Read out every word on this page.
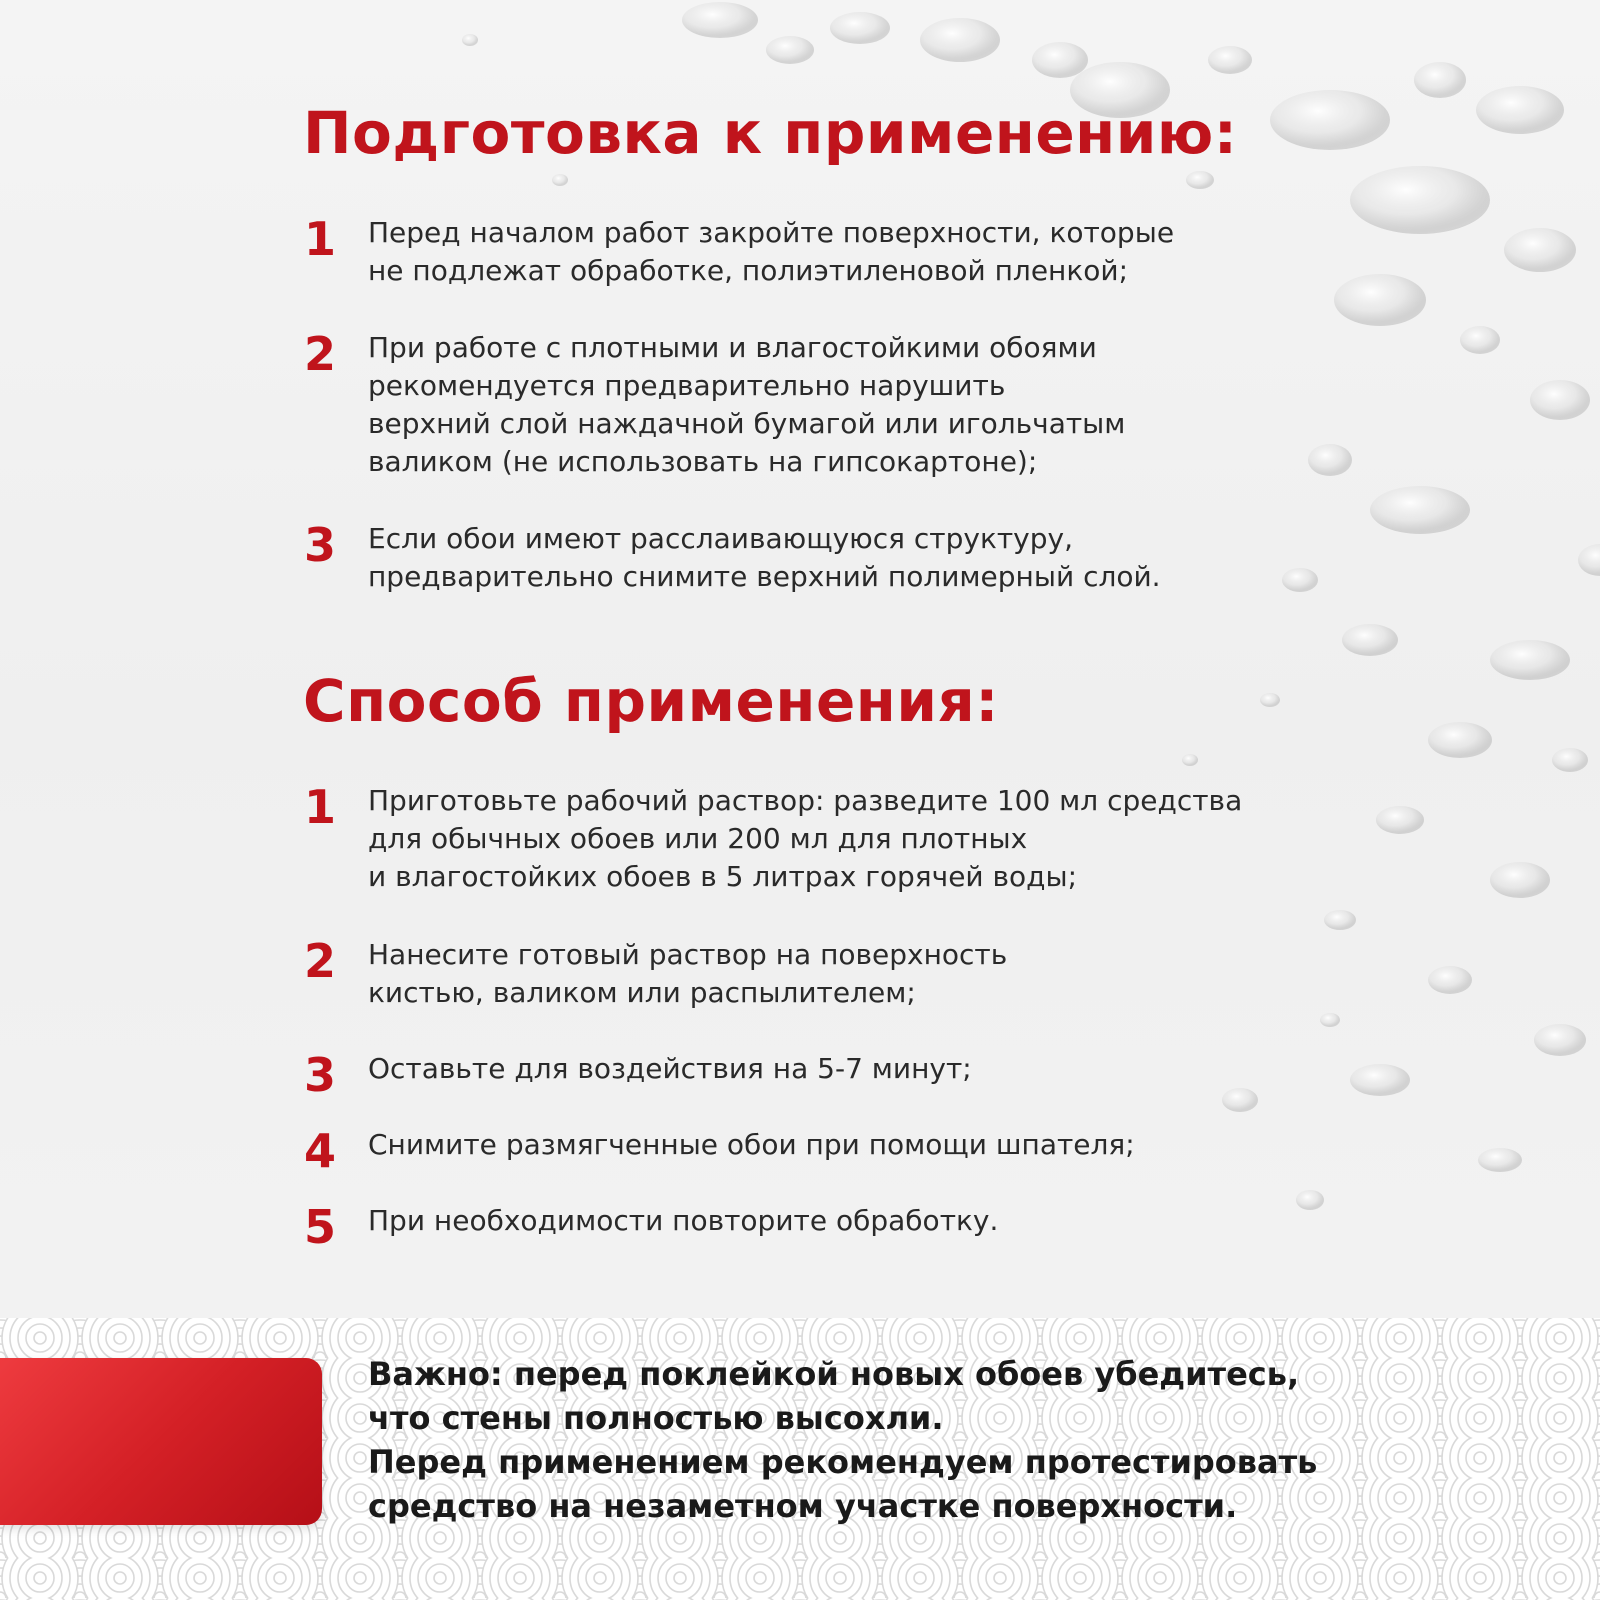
Подготовка к применению:
1 Перед началом работ закройте поверхности, которые
не подлежат обработке, полиэтиленовой пленкой;

2 При работе с плотными и влагостойкими обоями
рекомендуется предварительно нарушить
верхний слой наждачной бумагой или игольчатым
валиком (не использовать на гипсокартоне);

3 Если обои имеют расслаивающуюся структуру,
предварительно снимите верхний полимерный слой.

Способ применения:
1 Приготовьте рабочий раствор: разведите 100 мл средства
для обычных обоев или 200 мл для плотных
и влагостойких обоев в 5 литрах горячей воды;

2 Нанесите готовый раствор на поверхность
кистью, валиком или распылителем;

3 Оставьте для воздействия на 5-7 минут;

4 Снимите размягченные обои при помощи шпателя;

5 При необходимости повторите обработку.

Важно: перед поклейкой новых обоев убедитесь,
что стены полностью высохли.
Перед применением рекомендуем протестировать
средство на незаметном участке поверхности.
